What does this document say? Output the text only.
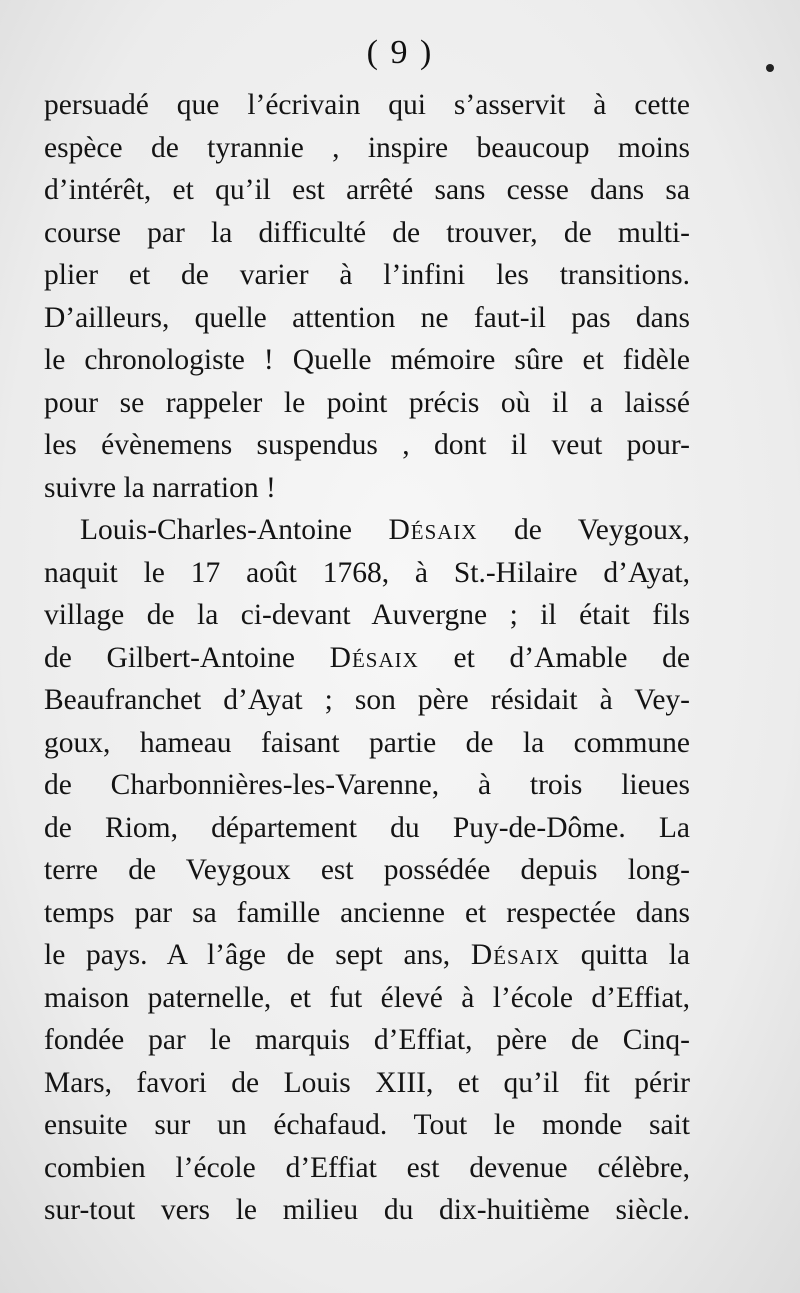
( 9 )
persuadé que l’écrivain qui s’asservit à cette
espèce de tyrannie , inspire beaucoup moins
d’intérêt, et qu’il est arrêté sans cesse dans sa
course par la difficulté de trouver, de multi-
plier et de varier à l’infini les transitions.
D’ailleurs, quelle attention ne faut-il pas dans
le chronologiste ! Quelle mémoire sûre et fidèle
pour se rappeler le point précis où il a laissé
les évènemens suspendus , dont il veut pour-
suivre la narration !
Louis-Charles-Antoine Désaix de Veygoux,
naquit le 17 août 1768, à St.-Hilaire d’Ayat,
village de la ci-devant Auvergne ; il était fils
de Gilbert-Antoine Désaix et d’Amable de
Beaufranchet d’Ayat ; son père résidait à Vey-
goux, hameau faisant partie de la commune
de Charbonnières-les-Varenne, à trois lieues
de Riom, département du Puy-de-Dôme. La
terre de Veygoux est possédée depuis long-
temps par sa famille ancienne et respectée dans
le pays. A l’âge de sept ans, Désaix quitta la
maison paternelle, et fut élevé à l’école d’Effiat,
fondée par le marquis d’Effiat, père de Cinq-
Mars, favori de Louis XIII, et qu’il fit périr
ensuite sur un échafaud. Tout le monde sait
combien l’école d’Effiat est devenue célèbre,
sur-tout vers le milieu du dix-huitième siècle.
